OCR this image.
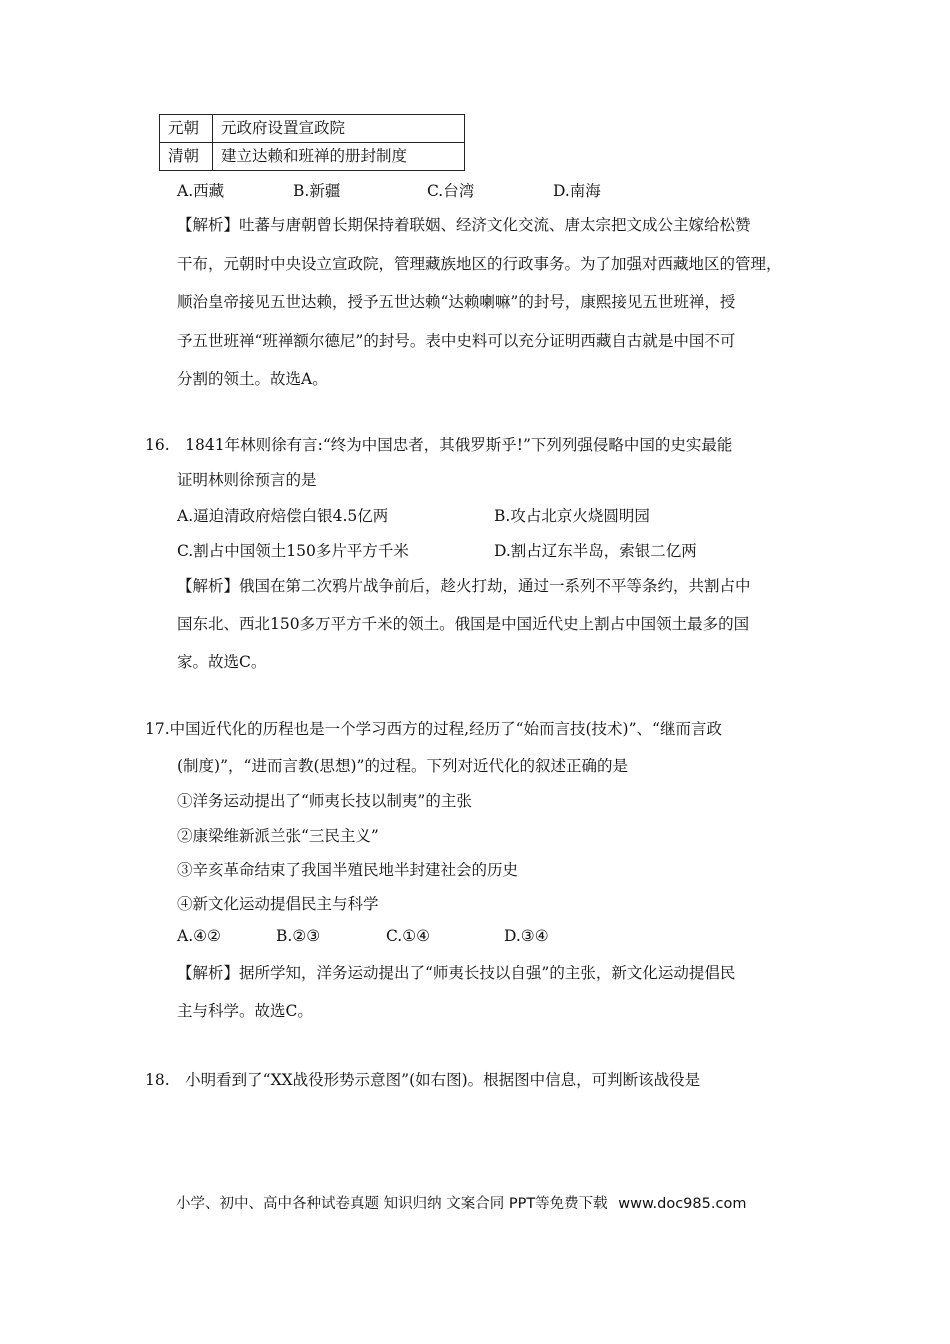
元朝	元政府设置宣政院
清朝	建立达赖和班禅的册封制度
A.西藏	B.新疆	C.台湾	D.南海
【解析】吐蕃与唐朝曾长期保持着联姻、经济文化交流、唐太宗把文成公主嫁给松赞
干布，元朝时中央设立宣政院，管理藏族地区的行政事务。为了加强对西藏地区的管理，
顺治皇帝接见五世达赖，授予五世达赖“达赖喇嘛”的封号，康熙接见五世班禅，授
予五世班禅“班禅额尔德尼”的封号。表中史料可以充分证明西藏自古就是中国不可
分割的领土。故选A。
16.　1841年林则徐有言:“终为中国忠者，其俄罗斯乎!”下列列强侵略中国的史实最能
证明林则徐预言的是
A.逼迫清政府焙偿白银4.5亿两	B.攻占北京火烧圆明园
C.割占中国领土150多片平方千米	D.割占辽东半岛，索银二亿两
【解析】俄国在第二次鸦片战争前后，趁火打劫，通过一系列不平等条约，共割占中
国东北、西北150多万平方千米的领土。俄国是中国近代史上割占中国领土最多的国
家。故选C。
17.中国近代化的历程也是一个学习西方的过程,经历了“始而言技(技术)”、“继而言政
(制度)”，“进而言教(思想)”的过程。下列对近代化的叙述正确的是
①洋务运动提出了“师夷长技以制夷”的主张
②康梁维新派兰张“三民主义”
③辛亥革命结束了我国半殖民地半封建社会的历史
④新文化运动提倡民主与科学
A.④②	B.②③	C.①④	D.③④
【解析】据所学知，洋务运动提出了“师夷长技以自强”的主张，新文化运动提倡民
主与科学。故选C。
18.　小明看到了“XX战役形势示意图”(如右图)。根据图中信息，可判断该战役是
小学、初中、高中各种试卷真题 知识归纳 文案合同 PPT等免费下载 www.doc985.com
